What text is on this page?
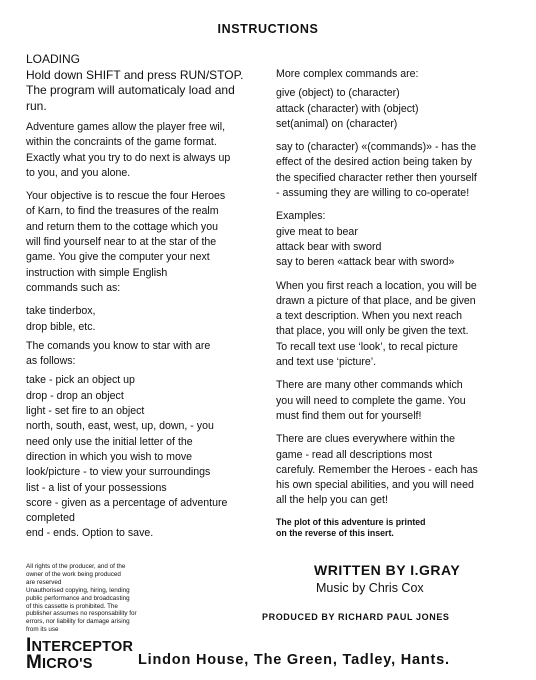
INSTRUCTIONS
LOADING

Hold down SHIFT and press RUN/STOP.

The program will automaticaly load and

run.

Adventure games allow the player free wil,

within the concraints of the game format.

Exactly what you try to do next is always up

to you, and you alone.

Your objective is to rescue the four Heroes

of Karn, to find the treasures of the realm

and return them to the cottage which you

will find yourself near to at the star of the

game. You give the computer your next

instruction with simple English

commands such as:

take tinderbox,

drop bible, etc.

The comands you know to star with are

as follows:

take - pick an object up

drop - drop an object

light - set fire to an object

north, south, east, west, up, down, - you

need only use the initial letter of the

direction in which you wish to move

look/picture - to view your surroundings

list - a list of your possessions

score - given as a percentage of adventure

completed

end - ends. Option to save.

More complex commands are:

give (object) to (character)

attack (character) with (object)

set(animal) on (character)

say to (character) «(commands)» - has the

effect of the desired action being taken by

the specified character rether then yourself

- assuming they are willing to co-operate!

Examples:

give meat to bear

attack bear with sword

say to beren «attack bear with sword»

When you first reach a location, you will be

drawn a picture of that place, and be given

a text description. When you next reach

that place, you will only be given the text.

To recall text use ‘look’, to recal picture

and text use ‘picture’.

There are many other commands which

you will need to complete the game. You

must find them out for yourself!

There are clues everywhere within the

game - read all descriptions most

carefuly. Remember the Heroes - each has

his own special abilities, and you will need

all the help you can get!

The plot of this adventure is printed

on the reverse of this insert.

All rights of the producer, and of the

owner of the work being produced

are reserved

Unauthorised copying, hiring, lending

public performance and broadcasting

of this cassette is prohibited. The

publisher assumes no responsability for

errors, nor liability for damage arising

from its use

WRITTEN BY I.GRAY
Music by Chris Cox
PRODUCED BY RICHARD PAUL JONES
INTERCEPTOR
MICRO'S	Lindon House, The Green, Tadley, Hants.
